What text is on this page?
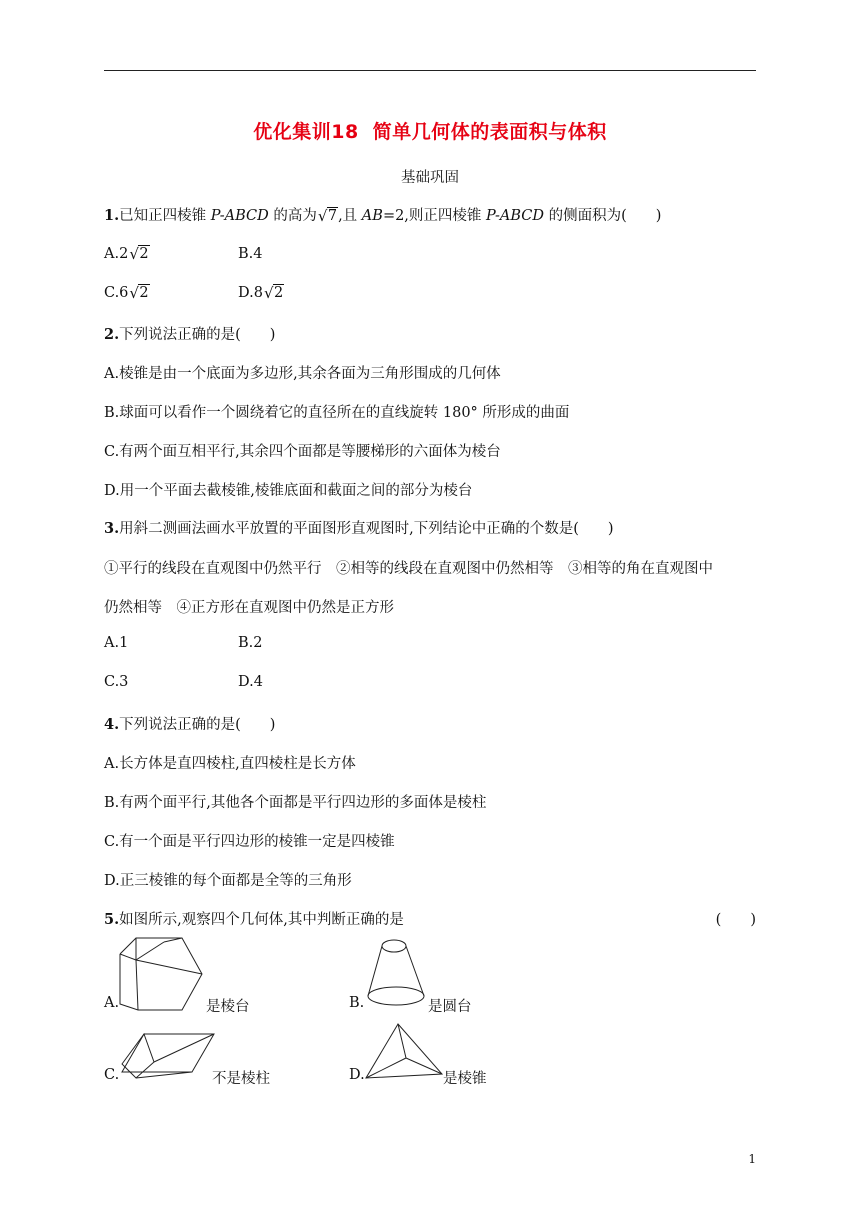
优化集训18 简单几何体的表面积与体积
基础巩固
1.已知正四棱锥 P-ABCD 的高为 √ 7,且 AB=2,则正四棱锥 P-ABCD 的侧面积为(　　)
A.2 √ 2	B.4
C.6 √ 2	D.8 √ 2
2.下列说法正确的是(　　)
A.棱锥是由一个底面为多边形,其余各面为三角形围成的几何体
B.球面可以看作一个圆绕着它的直径所在的直线旋转 180° 所形成的曲面
C.有两个面互相平行,其余四个面都是等腰梯形的六面体为棱台
D.用一个平面去截棱锥,棱锥底面和截面之间的部分为棱台
3.用斜二测画法画水平放置的平面图形直观图时,下列结论中正确的个数是(　　)
①平行的线段在直观图中仍然平行　②相等的线段在直观图中仍然相等　③相等的角在直观图中
仍然相等　④正方形在直观图中仍然是正方形
A.1	B.2
C.3	D.4
4.下列说法正确的是(　　)
A.长方体是直四棱柱,直四棱柱是长方体
B.有两个面平行,其他各个面都是平行四边形的多面体是棱柱
C.有一个面是平行四边形的棱锥一定是四棱锥
D.正三棱锥的每个面都是全等的三角形
5.如图所示,观察四个几何体,其中判断正确的是	(　　)
A.	是棱台	B.	是圆台
C.	不是棱柱	D.	是棱锥
1
